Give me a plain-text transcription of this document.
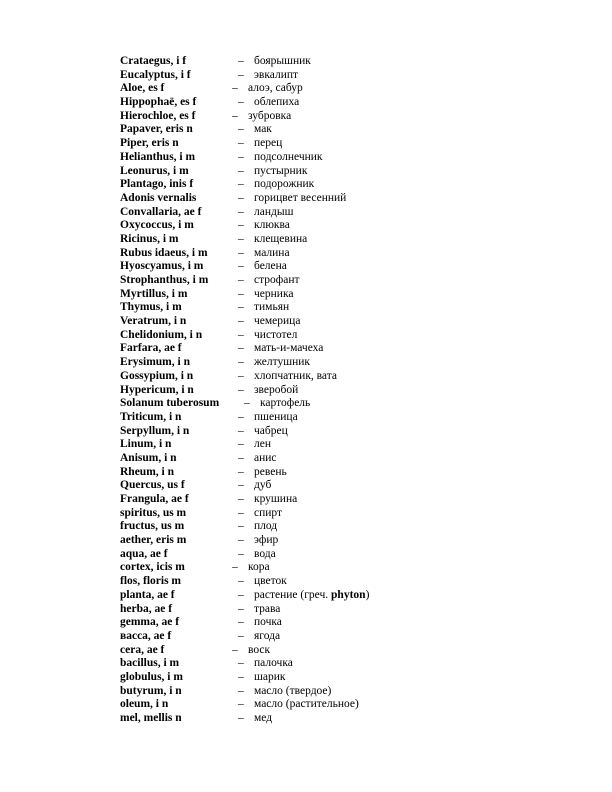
Crataegus, i f	– боярышник
Eucalyptus, i f	– эвкалипт
Aloe, es f	– алоэ, сабур
Hippophaё, es f	– облепиха
Hierochloe, es f	– зубровка
Papaver, eris n	– мак
Piper, eris n	– перец
Helianthus, i m	– подсолнечник
Leonurus, i m	– пустырник
Plantago, inis f	– подорожник
Adonis vernalis	– горицвет весенний
Convallaria, ae f	– ландыш
Oxycoccus, i m	– клюква
Ricinus, i m	– клещевина
Rubus idaeus, i m	– малина
Hyoscyamus, i m	– белена
Strophanthus, i m	– строфант
Myrtillus, i m	– черника
Thymus, i m	– тимьян
Veratrum, i n	– чемерица
Chelidonium, i n	– чистотел
Farfara, ae f	– мать-и-мачеха
Erysimum, i n	– желтушник
Gossypium, i n	– хлопчатник, вата
Hypericum, i n	– зверобой
Solanum tuberosum – картофель
Triticum, i n	– пшеница
Serpyllum, i n	– чабрец
Linum, i n	– лен
Anisum, i n	– анис
Rheum, i n	– ревень
Quercus, us f	– дуб
Frangula, ae f	– крушина
spiritus, us m	– спирт
fructus, us m	– плод
aether, eris m	– эфир
aqua, ae f	– вода
cortex, icis m	– кора
flos, floris m	– цветок
planta, ae f	– растение (греч. phyton)
herba, ae f	– трава
gemma, ae f	– почка
вacca, ae f	– ягода
cera, ae f	– воск
bacillus, i m	– палочка
globulus, i m	– шарик
butyrum, i n	– масло (твердое)
oleum, i n	– масло (растительное)
mel, mellis n	– мед
